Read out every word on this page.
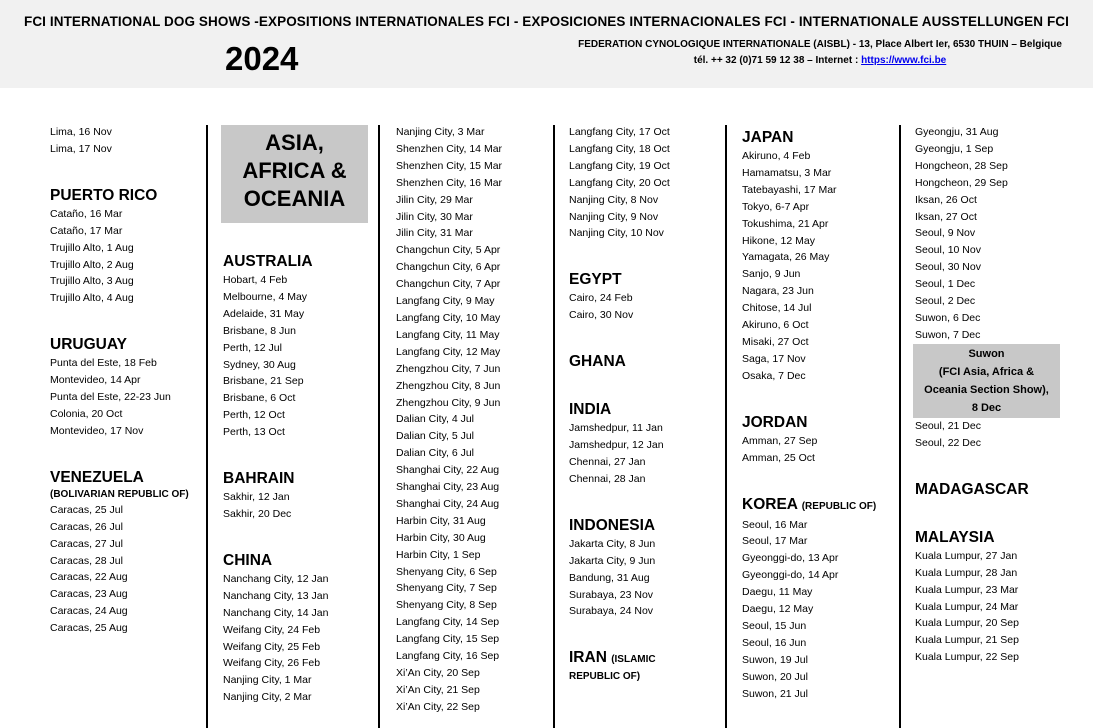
FCI INTERNATIONAL DOG SHOWS -EXPOSITIONS INTERNATIONALES FCI - EXPOSICIONES INTERNACIONALES FCI - INTERNATIONALE AUSSTELLUNGEN FCI
2024	FEDERATION CYNOLOGIQUE INTERNATIONALE (AISBL) - 13, Place Albert Ier, 6530 THUIN – Belgique
tél. ++ 32 (0)71 59 12 38 – Internet : https://www.fci.be
ASIA,
AFRICA &
OCEANIA
Suwon
(FCI Asia, Africa &
Oceania Section Show),
8 Dec
Lima, 16 Nov
Lima, 17 Nov
PUERTO RICO
Cataño, 16 Mar
Cataño, 17 Mar
Trujillo Alto, 1 Aug
Trujillo Alto, 2 Aug
Trujillo Alto, 3 Aug
Trujillo Alto, 4 Aug
URUGUAY
Punta del Este, 18 Feb
Montevideo, 14 Apr
Punta del Este, 22-23 Jun
Colonia, 20 Oct
Montevideo, 17 Nov
VENEZUELA
(BOLIVARIAN REPUBLIC OF)
Caracas, 25 Jul
Caracas, 26 Jul
Caracas, 27 Jul
Caracas, 28 Jul
Caracas, 22 Aug
Caracas, 23 Aug
Caracas, 24 Aug
Caracas, 25 Aug
AUSTRALIA
Hobart, 4 Feb
Melbourne, 4 May
Adelaide, 31 May
Brisbane, 8 Jun
Perth, 12 Jul
Sydney, 30 Aug
Brisbane, 21 Sep
Brisbane, 6 Oct
Perth, 12 Oct
Perth, 13 Oct
BAHRAIN
Sakhir, 12 Jan
Sakhir, 20 Dec
CHINA
Nanchang City, 12 Jan
Nanchang City, 13 Jan
Nanchang City, 14 Jan
Weifang City, 24 Feb
Weifang City, 25 Feb
Weifang City, 26 Feb
Nanjing City, 1 Mar
Nanjing City, 2 Mar
Nanjing City, 3 Mar
Shenzhen City, 14 Mar
Shenzhen City, 15 Mar
Shenzhen City, 16 Mar
Jilin City, 29 Mar
Jilin City, 30 Mar
Jilin City, 31 Mar
Changchun City, 5 Apr
Changchun City, 6 Apr
Changchun City, 7 Apr
Langfang City, 9 May
Langfang City, 10 May
Langfang City, 11 May
Langfang City, 12 May
Zhengzhou City, 7 Jun
Zhengzhou City, 8 Jun
Zhengzhou City, 9 Jun
Dalian City, 4 Jul
Dalian City, 5 Jul
Dalian City, 6 Jul
Shanghai City, 22 Aug
Shanghai City, 23 Aug
Shanghai City, 24 Aug
Harbin City, 31 Aug
Harbin City, 30 Aug
Harbin City, 1 Sep
Shenyang City, 6 Sep
Shenyang City, 7 Sep
Shenyang City, 8 Sep
Langfang City, 14 Sep
Langfang City, 15 Sep
Langfang City, 16 Sep
Xi’An City, 20 Sep
Xi’An City, 21 Sep
Xi’An City, 22 Sep
Langfang City, 17 Oct
Langfang City, 18 Oct
Langfang City, 19 Oct
Langfang City, 20 Oct
Nanjing City, 8 Nov
Nanjing City, 9 Nov
Nanjing City, 10 Nov
EGYPT
Cairo, 24 Feb
Cairo, 30 Nov
GHANA
INDIA
Jamshedpur, 11 Jan
Jamshedpur, 12 Jan
Chennai, 27 Jan
Chennai, 28 Jan
INDONESIA
Jakarta City, 8 Jun
Jakarta City, 9 Jun
Bandung, 31 Aug
Surabaya, 23 Nov
Surabaya, 24 Nov
IRAN (ISLAMIC
REPUBLIC OF)
JAPAN
Akiruno, 4 Feb
Hamamatsu, 3 Mar
Tatebayashi, 17 Mar
Tokyo, 6-7 Apr
Tokushima, 21 Apr
Hikone, 12 May
Yamagata, 26 May
Sanjo, 9 Jun
Nagara, 23 Jun
Chitose, 14 Jul
Akiruno, 6 Oct
Misaki, 27 Oct
Saga, 17 Nov
Osaka, 7 Dec
JORDAN
Amman, 27 Sep
Amman, 25 Oct
KOREA (REPUBLIC OF)
Seoul, 16 Mar
Seoul, 17 Mar
Gyeonggi-do, 13 Apr
Gyeonggi-do, 14 Apr
Daegu, 11 May
Daegu, 12 May
Seoul, 15 Jun
Seoul, 16 Jun
Suwon, 19 Jul
Suwon, 20 Jul
Suwon, 21 Jul
Gyeongju, 31 Aug
Gyeongju, 1 Sep
Hongcheon, 28 Sep
Hongcheon, 29 Sep
Iksan, 26 Oct
Iksan, 27 Oct
Seoul, 9 Nov
Seoul, 10 Nov
Seoul, 30 Nov
Seoul, 1 Dec
Seoul, 2 Dec
Suwon, 6 Dec
Suwon, 7 Dec
Seoul, 21 Dec
Seoul, 22 Dec
MADAGASCAR
MALAYSIA
Kuala Lumpur, 27 Jan
Kuala Lumpur, 28 Jan
Kuala Lumpur, 23 Mar
Kuala Lumpur, 24 Mar
Kuala Lumpur, 20 Sep
Kuala Lumpur, 21 Sep
Kuala Lumpur, 22 Sep
